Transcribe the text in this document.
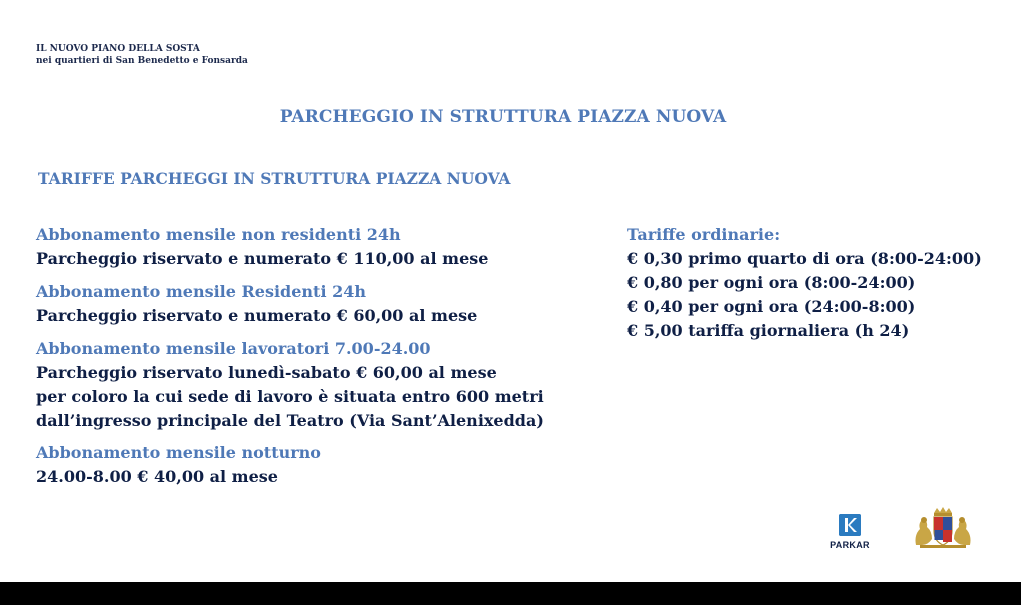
IL NUOVO PIANO DELLA SOSTA
nei quartieri di San Benedetto e Fonsarda
PARCHEGGIO IN STRUTTURA PIAZZA NUOVA
TARIFFE PARCHEGGI IN STRUTTURA PIAZZA NUOVA
Abbonamento mensile non residenti 24h
Parcheggio riservato e numerato € 110,00 al mese
Abbonamento mensile Residenti 24h
Parcheggio riservato e numerato € 60,00 al mese
Abbonamento mensile lavoratori 7.00-24.00
Parcheggio riservato lunedì-sabato € 60,00 al mese
per coloro la cui sede di lavoro è situata entro 600 metri
dall’ingresso principale del Teatro (Via Sant’Alenixedda)
Abbonamento mensile notturno
24.00-8.00 € 40,00 al mese
Tariffe ordinarie:
€ 0,30 primo quarto di ora (8:00-24:00)
€ 0,80 per ogni ora (8:00-24:00)
€ 0,40 per ogni ora (24:00-8:00)
€ 5,00 tariffa giornaliera (h 24)
PARKAR
